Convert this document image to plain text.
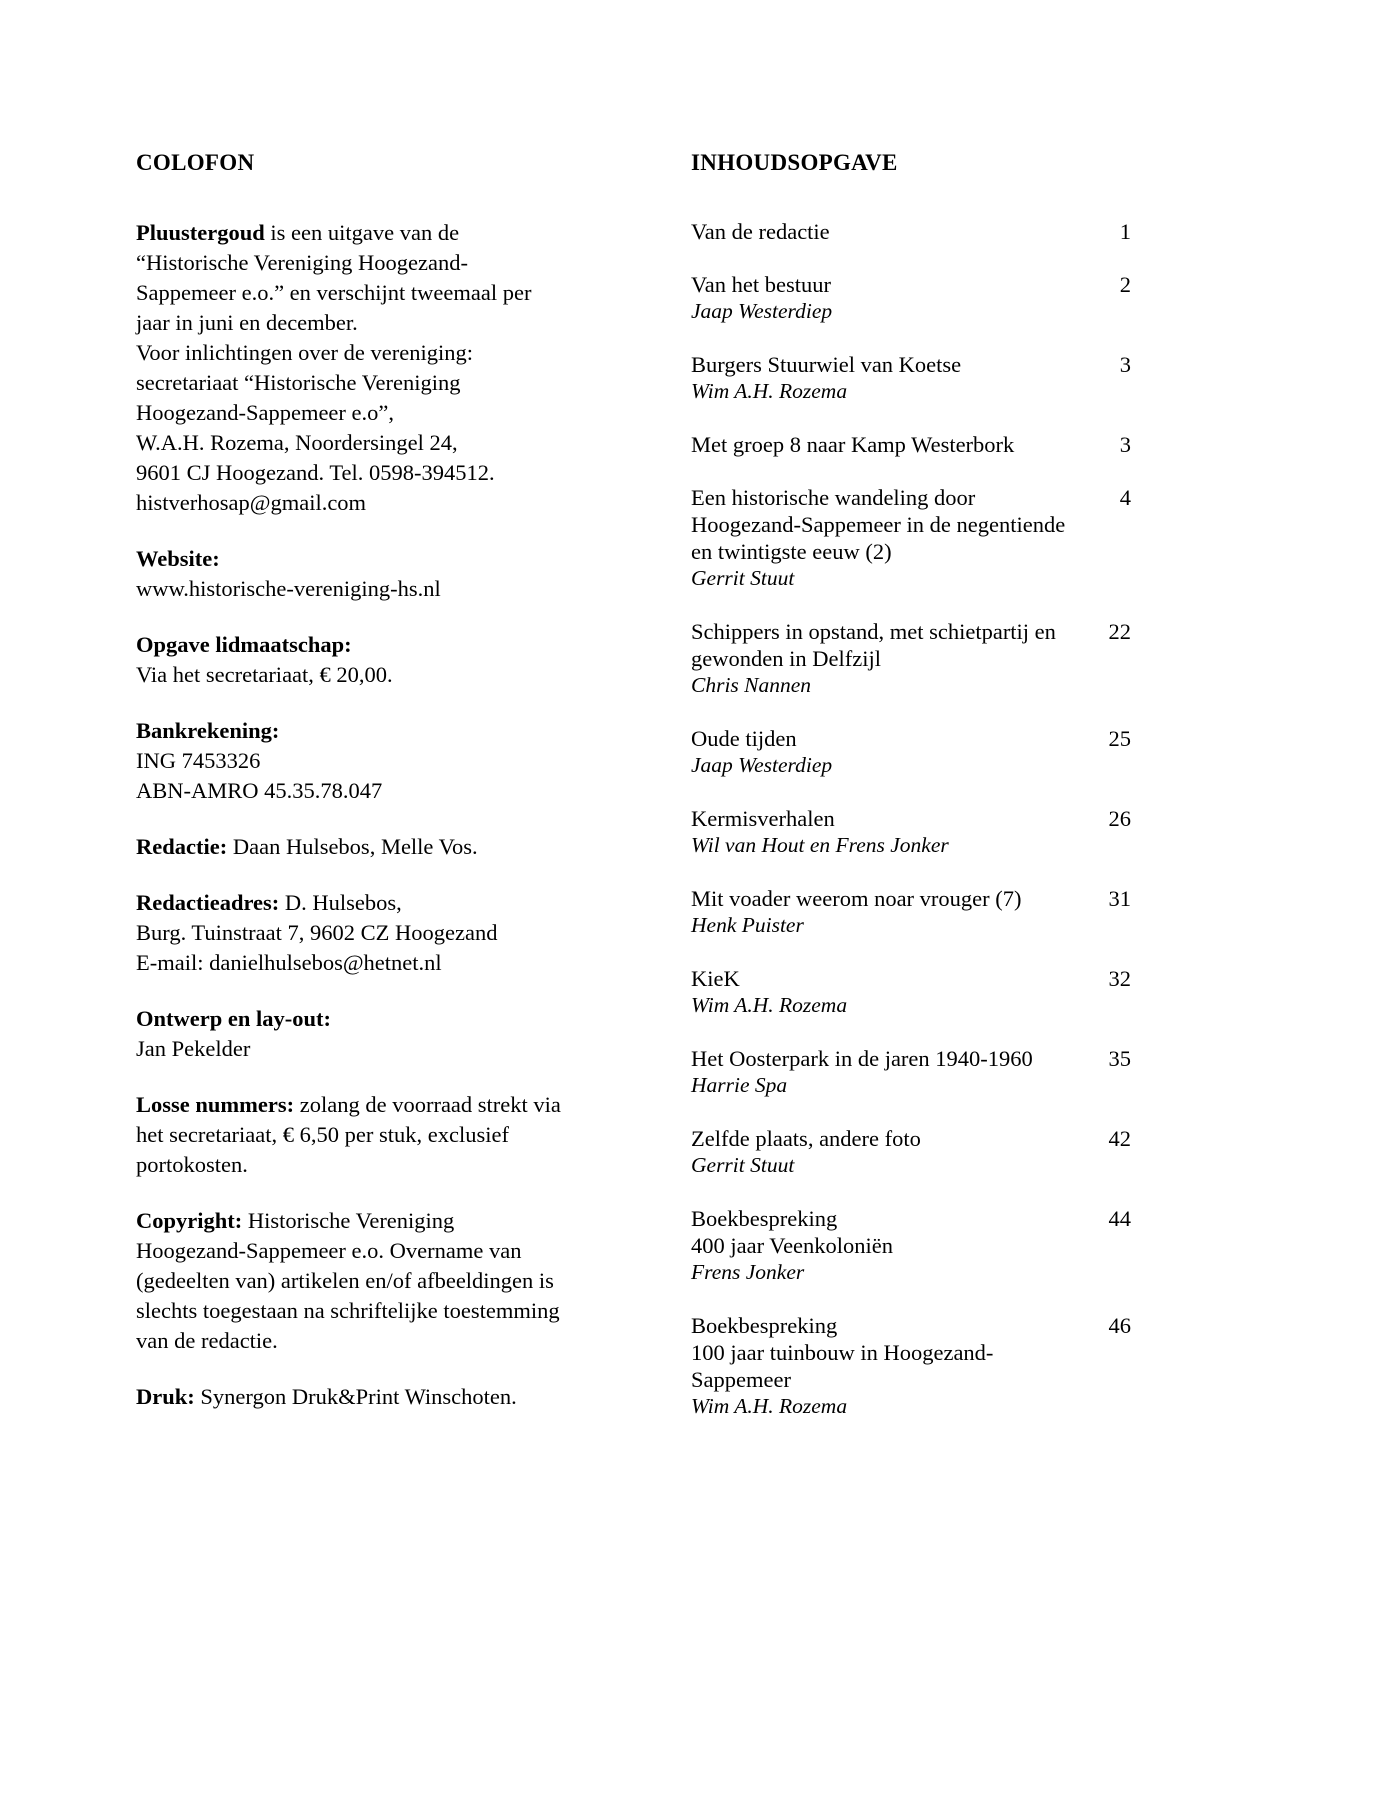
COLOFON
Pluustergoud is een uitgave van de “Historische Vereniging Hoogezand-Sappemeer e.o.” en verschijnt tweemaal per jaar in juni en december.
Voor inlichtingen over de vereniging:
secretariaat “Historische Vereniging
Hoogezand-Sappemeer e.o”,
W.A.H. Rozema, Noordersingel 24,
9601 CJ Hoogezand. Tel. 0598-394512.
histverhosap@gmail.com
Website:
www.historische-vereniging-hs.nl
Opgave lidmaatschap:
Via het secretariaat, € 20,00.
Bankrekening:
ING 7453326
ABN-AMRO 45.35.78.047
Redactie: Daan Hulsebos, Melle Vos.
Redactieadres: D. Hulsebos,
Burg. Tuinstraat 7, 9602 CZ Hoogezand
E-mail: danielhulsebos@hetnet.nl
Ontwerp en lay-out:
Jan Pekelder
Losse nummers: zolang de voorraad strekt via het secretariaat, € 6,50 per stuk, exclusief portokosten.
Copyright: Historische Vereniging Hoogezand-Sappemeer e.o. Overname van (gedeelten van) artikelen en/of afbeeldingen is slechts toegestaan na schriftelijke toestemming van de redactie.
Druk: Synergon Druk&Print Winschoten.
INHOUDSOPGAVE
Van de redactie	1
Van het bestuur
Jaap Westerdiep
2
Burgers Stuurwiel van Koetse
Wim A.H. Rozema
3
Met groep 8 naar Kamp Westerbork	3
Een historische wandeling door Hoogezand-Sappemeer in de negentiende en twintigste eeuw (2)
Gerrit Stuut
4
Schippers in opstand, met schietpartij en gewonden in Delfzijl
Chris Nannen
22
Oude tijden
Jaap Westerdiep
25
Kermisverhalen
Wil van Hout en Frens Jonker
26
Mit voader weerom noar vrouger (7)
Henk Puister
31
KieK
Wim A.H. Rozema
32
Het Oosterpark in de jaren 1940-1960
Harrie Spa
35
Zelfde plaats, andere foto
Gerrit Stuut
42
Boekbespreking
400 jaar Veenkoloniën
Frens Jonker
44
Boekbespreking
100 jaar tuinbouw in Hoogezand-Sappemeer
Wim A.H. Rozema
46
